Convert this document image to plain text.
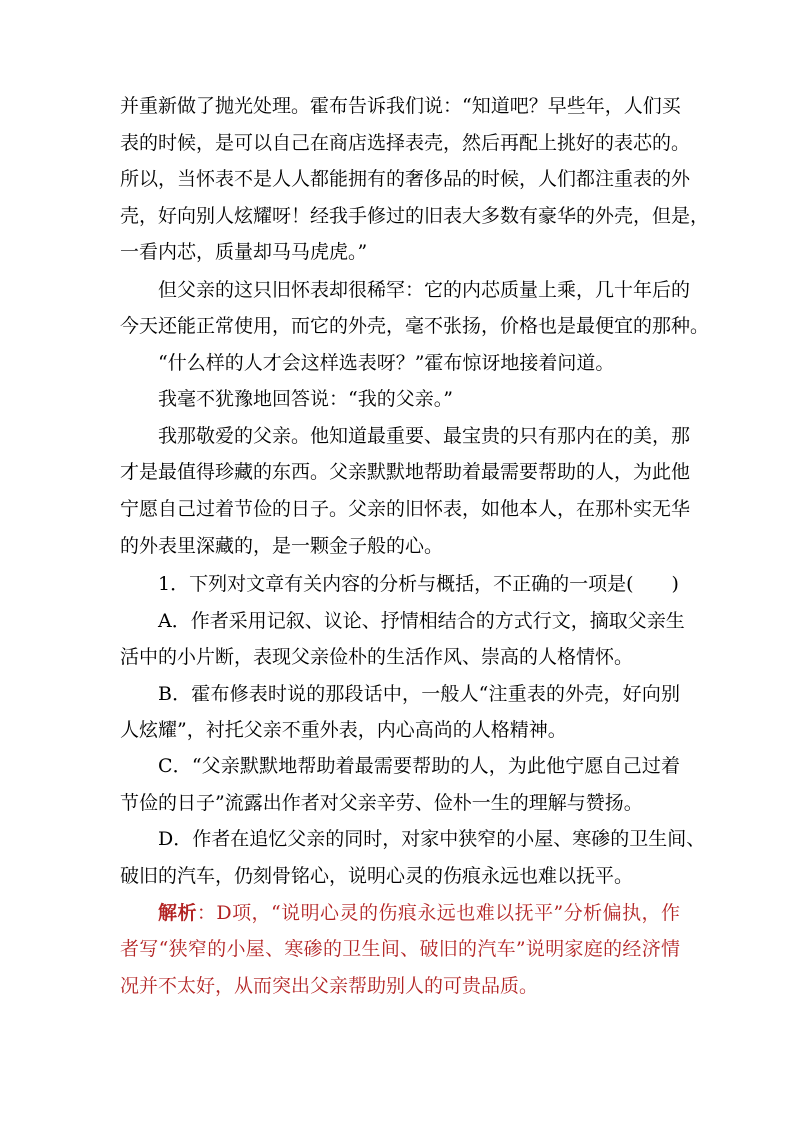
并重新做了抛光处理。霍布告诉我们说：“知道吧？早些年，人们买
表的时候，是可以自己在商店选择表壳，然后再配上挑好的表芯的。
所以，当怀表不是人人都能拥有的奢侈品的时候，人们都注重表的外
壳，好向别人炫耀呀！经我手修过的旧表大多数有豪华的外壳，但是，
一看内芯，质量却马马虎虎。”
但父亲的这只旧怀表却很稀罕：它的内芯质量上乘，几十年后的
今天还能正常使用，而它的外壳，毫不张扬，价格也是最便宜的那种。
“什么样的人才会这样选表呀？”霍布惊讶地接着问道。
我毫不犹豫地回答说：“我的父亲。”
我那敬爱的父亲。他知道最重要、最宝贵的只有那内在的美，那
才是最值得珍藏的东西。父亲默默地帮助着最需要帮助的人，为此他
宁愿自己过着节俭的日子。父亲的旧怀表，如他本人，在那朴实无华
的外表里深藏的，是一颗金子般的心。
1．下列对文章有关内容的分析与概括，不正确的一项是(　　)
A．作者采用记叙、议论、抒情相结合的方式行文，摘取父亲生
活中的小片断，表现父亲俭朴的生活作风、崇高的人格情怀。
B．霍布修表时说的那段话中，一般人“注重表的外壳，好向别
人炫耀”，衬托父亲不重外表，内心高尚的人格精神。
C．“父亲默默地帮助着最需要帮助的人，为此他宁愿自己过着
节俭的日子”流露出作者对父亲辛劳、俭朴一生的理解与赞扬。
D．作者在追忆父亲的同时，对家中狭窄的小屋、寒碜的卫生间、
破旧的汽车，仍刻骨铭心，说明心灵的伤痕永远也难以抚平。
解析：D项，“说明心灵的伤痕永远也难以抚平”分析偏执，作
者写“狭窄的小屋、寒碜的卫生间、破旧的汽车”说明家庭的经济情
况并不太好，从而突出父亲帮助别人的可贵品质。
